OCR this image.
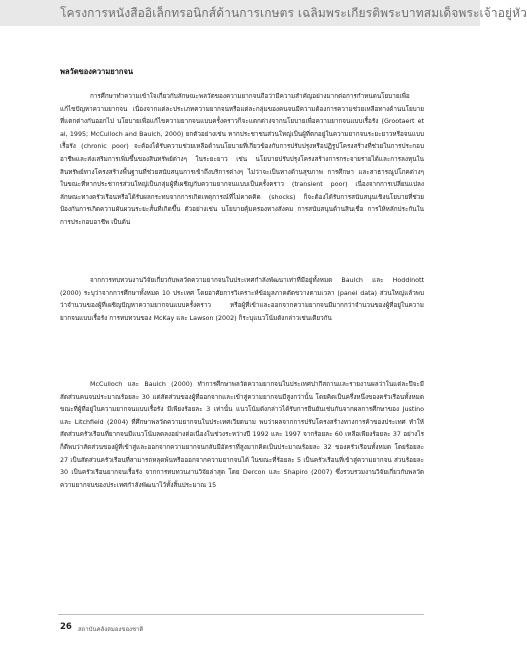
โครงการหนังสืออิเล็กทรอนิกส์ด้านการเกษตร เฉลิมพระเกียรติพระบาทสมเด็จพระเจ้าอยู่หัว
พลวัตของความยากจน

การศึกษาทำความเข้าใจเกี่ยวกับลักษณะพลวัตของความยากจนถือว่ามีความสำคัญอย่างมากต่อการกำหนดนโยบายเพื่อแก้ไขปัญหาความยากจน เนื่องจากแต่ละประเภทความยากจนหรือแต่ละกลุ่มของคนจนมีความต้องการความช่วยเหลือทางด้านนโยบายที่แตกต่างกันออกไป นโยบายเพื่อแก้ไขความยากจนแบบครั้งคราวก็จะแตกต่างจากนโยบายเพื่อความยากจนแบบเรื้อรัง (Grootaert et al, 1995; McCulloch and Baulch, 2000) ยกตัวอย่างเช่น หากประชาชนส่วนใหญ่เป็นผู้ที่ตกอยู่ในความยากจนระยะยาวหรือจนแบบเรื้อรัง (chronic poor) จะต้องได้รับความช่วยเหลือด้านนโยบายที่เกี่ยวข้องกับการปรับปรุงหรือปฏิรูปโครงสร้างที่ช่วยในการประกอบอาชีพและส่งเสริมการเพิ่มขึ้นของสินทรัพย์ต่างๆ ในระยะยาว เช่น นโยบายปรับปรุงโครงสร้างการกระจายรายได้และการลงทุนในสินทรัพย์ทางโครงสร้างพื้นฐานที่ช่วยสนับสนุนการเข้าถึงบริการต่างๆ ไม่ว่าจะเป็นทางด้านสุขภาพ การศึกษา และสาธารณูปโภคต่างๆ ในขณะที่หากประชากรส่วนใหญ่เป็นกลุ่มผู้ที่เผชิญกับความยากจนแบบเป็นครั้งคราว (transient poor) เนื่องจากการเปลี่ยนแปลงลักษณะทางครัวเรือนหรือได้รับผลกระทบจากการเกิดเหตุการณ์ที่ไม่คาดคิด (shocks) ก็จะต้องได้รับการสนับสนุนเชิงนโยบายที่ช่วยป้องกันการเกิดความผันผวนระยะสั้นที่เกิดขึ้น ตัวอย่างเช่น นโยบายคุ้มครองทางสังคม การสนับสนุนด้านสินเชื่อ การให้หลักประกันในการประกอบอาชีพ เป็นต้น

จากการทบทวนงานวิจัยเกี่ยวกับพลวัตความยากจนในประเทศกำลังพัฒนาเท่าที่มีอยู่ทั้งหมด Baulch และ Hoddinott (2000) ระบุว่าจากการศึกษาทั้งหมด 10 ประเทศ โดยอาศัยการวิเคราะห์ข้อมูลภาคตัดขวางตามเวลา (panel data) ส่วนใหญ่แล้วพบว่าจำนวนของผู้ที่เผชิญปัญหาความยากจนแบบครั้งคราว หรือผู้ที่เข้าและออกจากความยากจนมีมากกว่าจำนวนของผู้ที่อยู่ในความยากจนแบบเรื้อรัง การทบทวนของ McKay และ Lawson (2002) ก็ระบุแนวโน้มดังกล่าวเช่นเดียวกัน

McCulloch และ Baulch (2000) ทำการศึกษาพลวัตความยากจนในประเทศปากีสถานและรายงานผลว่าในแต่ละปีจะมีสัดส่วนคนจนประมาณร้อยละ 30 แต่สัดส่วนของผู้ที่ออกจากและเข้าสู่ความยากจนมีสูงกว่านั้น โดยคิดเป็นครึ่งหนึ่งของครัวเรือนทั้งหมด ขณะที่ผู้ที่อยู่ในความยากจนแบบเรื้อรัง มีเพียงร้อยละ 3 เท่านั้น แนวโน้มดังกล่าวได้รับการยืนยันเช่นกันจากผลการศึกษาของ Justino และ Litchfield (2004) ที่ศึกษาพลวัตความยากจนในประเทศเวียดนาม พบว่าผลจากการปรับโครงสร้างทางการค้าของประเทศ ทำให้สัดส่วนครัวเรือนที่ยากจนมีแนวโน้มลดลงอย่างต่อเนื่องในช่วงระหว่างปี 1992 และ 1997 จากร้อยละ 60 เหลือเพียงร้อยละ 37 อย่างไรก็ดีพบว่าสัดส่วนของผู้ที่เข้าสู่และออกจากความยากจนกลับมีอัตราที่สูงมากคิดเป็นประมาณร้อยละ 32 ของครัวเรือนทั้งหมด โดยร้อยละ 27 เป็นสัดส่วนครัวเรือนที่สามารถหลุดพ้นหรือออกจากความยากจนได้ ในขณะที่ร้อยละ 5 เป็นครัวเรือนที่เข้าสู่ความยากจน ส่วนร้อยละ 30 เป็นครัวเรือนยากจนเรื้อรัง จากการทบทวนงานวิจัยล่าสุด โดย Dercon และ Shapiro (2007) ซึ่งรวบรวมงานวิจัยเกี่ยวกับพลวัตความยากจนของประเทศกำลังพัฒนาไว้ทั้งสิ้นประมาณ 15

26 สถาบันคลังสมองของชาติ
